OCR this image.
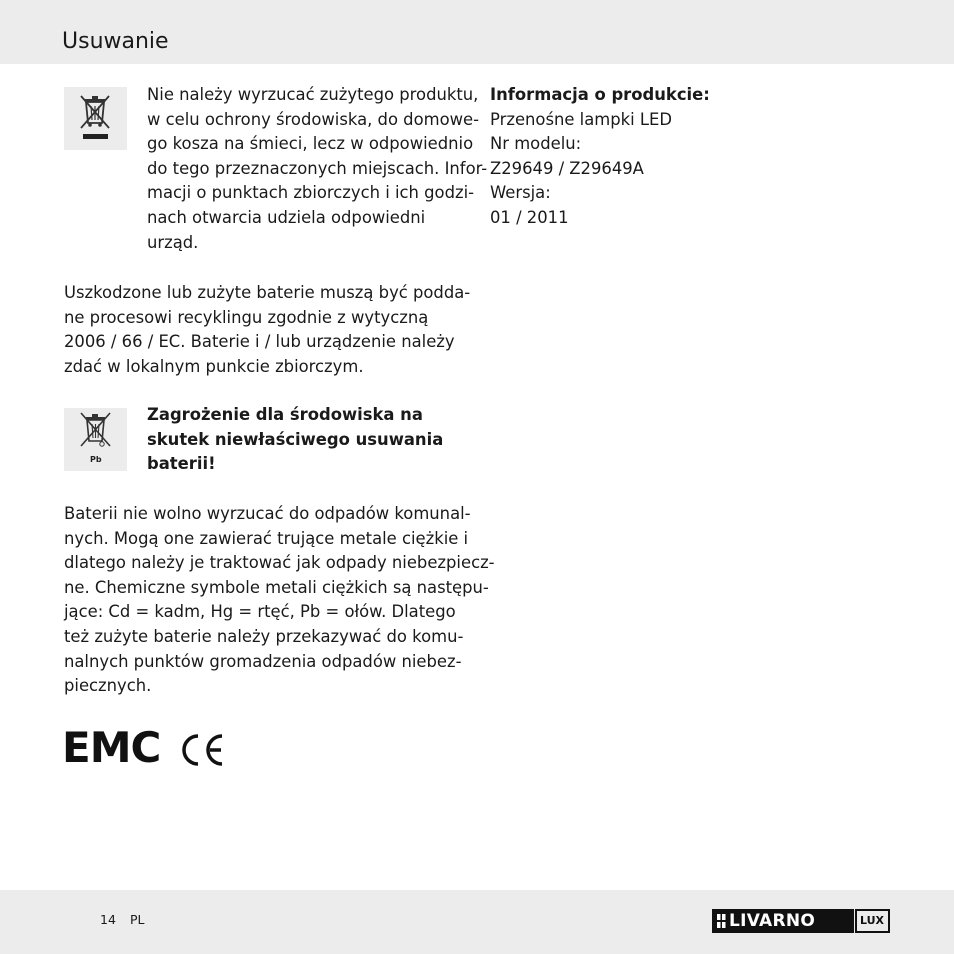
Usuwanie

Nie należy wyrzucać zużytego produktu,
w celu ochrony środowiska, do domowe-
go kosza na śmieci, lecz w odpowiednio
do tego przeznaczonych miejscach. Infor-
macji o punktach zbiorczych i ich godzi-
nach otwarcia udziela odpowiedni
urząd.

Uszkodzone lub zużyte baterie muszą być podda-
ne procesowi recyklingu zgodnie z wytyczną
2006 / 66 / EC. Baterie i / lub urządzenie należy
zdać w lokalnym punkcie zbiorczym.

Pb

Zagrożenie dla środowiska na
skutek niewłaściwego usuwania
baterii!

Baterii nie wolno wyrzucać do odpadów komunal-
nych. Mogą one zawierać trujące metale ciężkie i
dlatego należy je traktować jak odpady niebezpiecz-
ne. Chemiczne symbole metali ciężkich są następu-
jące: Cd = kadm, Hg = rtęć, Pb = ołów. Dlatego
też zużyte baterie należy przekazywać do komu-
nalnych punktów gromadzenia odpadów niebez-
piecznych.

EMC
Informacja o produkcie:
Przenośne lampki LED
Nr modelu:
Z29649 / Z29649A
Wersja:
01 / 2011
14 PL	LIVARNO	LUX
